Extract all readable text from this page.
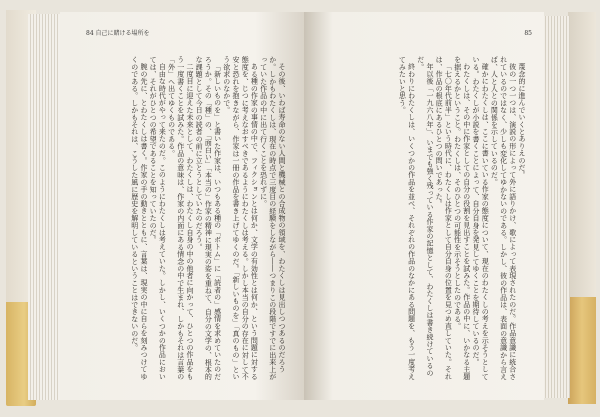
84 自己に賭ける場所を

その後、いわば寿命のない人間と機械との合成物の領域を、わたくしは見出しつつあるのだろうか。しかもわたくしは、現在の時点で三度目の経験をしながら――つまりこの段階ですでに出来上がっていた作品の中に出て行くことを恐れずに。

ある種の作家の事情の中で、フィクションとは何か、文学の有効性とは何か、という問題に対する態度を、じつに考えなおすべきであるようにわたくしは考える。しかし本当の自分の存在に対して不安と恐れを抱きながら、作家は一冊の作品を書き上げてゆくのだ。「新しいものを」「真のもの」という欲求のなかで。

「新しいものを」と書いた作家は、いつもある種の「ボトム」に「読者の」感情を求めていたのだろうか。その「種」の、「面白い」「本当の」作家の精神に現実の姿を重ねて、自分の文学の、根本的な課題として今日の読者の前に立とうとしていたのだろう。

二度目に迎えた未来として、わたくしは、わたくし自身の中の他者に向かって、ひとつの作品をもう一度書くことを試みた。作品の意味は、作家の内面にある情念の中で生まれ、しかもそれは言葉の「外」へ出てゆくものである。

自由な時代がやって来たのだ。このようにわたくしは考えていた。しかし、いくつかの作品においては、それがひとつの希望であることを知っていたのだ。

腕の先に、とわたくしは書く。作家の手の動きとともに、言葉は、現実の中に自らを刻みつけてゆくのである。しかもそれは、こうした風に歴史を解明しているということはできないのだ。

85

蔑念的に進んでいくとありえのだ。

彼の一つ一つは、演説の形によって外に語りかけ、歌によって表現されたのだ。作品意識に統合されているのではなく、少しも変化してゆかないのである。しかし、彼の作品は、表面の意識から言えば、人と人との関係を示しているのだ。

確かにわたくしは、ここに書いている作家の態度について、現在のわたくしの考えを示そうとしている。わたくしが小説を書くことによって、自分自身を発見してゆくことを期待しているのだ。

わたくしは、その中に作家としての自分の役割を見出すことを試みた。作品の中に、いかなる主題を据えるかということ。わたくしは、そのひとつの可能性を示そうとしたのである。

「七〇年代前半」という時代に、わたくしは作家として自分自身の位置を見つめ直していた。それは、作品の根底にあるひとつの問いであった。

年以後「一九六八年」、いまでも強く残っている作家の記憶として、わたくしは書き続けているのだ。

終わりにわたくしは、いくつかの作品を並べ、それぞれの作品のなかにある問題を、もう一度考えてみたいと思う。
